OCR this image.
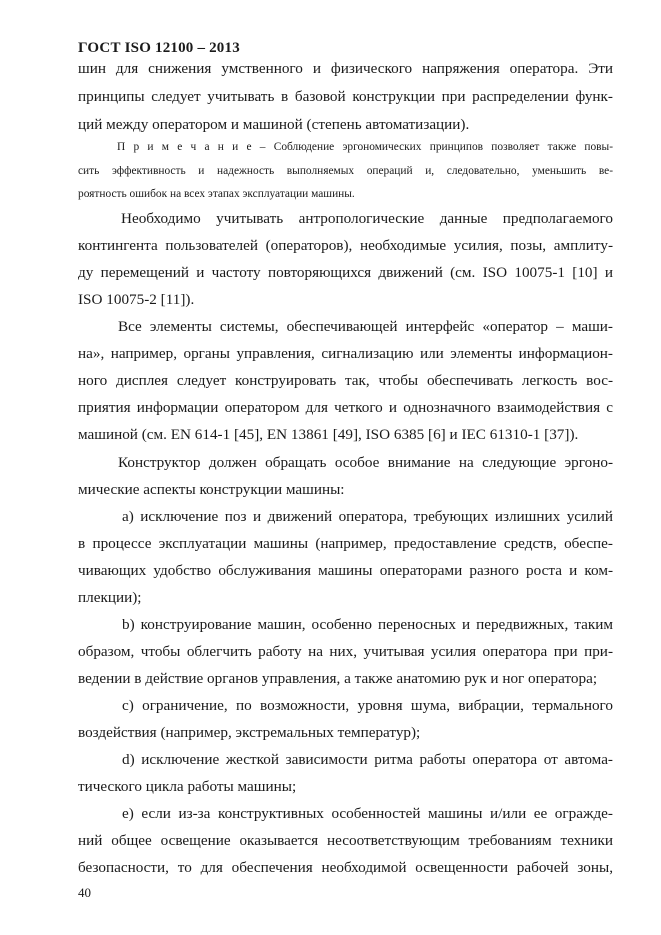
ГОСТ ISO 12100 – 2013
шин для снижения умственного и физического напряжения оператора. Эти
принципы следует учитывать в базовой конструкции при распределении функ-
ций между оператором и машиной (степень автоматизации).
П р и м е ч а н и е – Соблюдение эргономических принципов позволяет также повы-
сить эффективность и надежность выполняемых операций и, следовательно, уменьшить ве-
роятность ошибок на всех этапах эксплуатации машины.
Необходимо учитывать антропологические данные предполагаемого
контингента пользователей (операторов), необходимые усилия, позы, амплиту-
ду перемещений и частоту повторяющихся движений (см. ISO 10075-1 [10] и
ISO 10075-2 [11]).
Все элементы системы, обеспечивающей интерфейс «оператор – маши-
на», например, органы управления, сигнализацию или элементы информацион-
ного дисплея следует конструировать так, чтобы обеспечивать легкость вос-
приятия информации оператором для четкого и однозначного взаимодействия с
машиной (см. EN 614-1 [45], EN 13861 [49], ISO 6385 [6] и IEC 61310-1 [37]).
Конструктор должен обращать особое внимание на следующие эргоно-
мические аспекты конструкции машины:
a) исключение поз и движений оператора, требующих излишних усилий
в процессе эксплуатации машины (например, предоставление средств, обеспе-
чивающих удобство обслуживания машины операторами разного роста и ком-
плекции);
b) конструирование машин, особенно переносных и передвижных, таким
образом, чтобы облегчить работу на них, учитывая усилия оператора при при-
ведении в действие органов управления, а также анатомию рук и ног оператора;
c) ограничение, по возможности, уровня шума, вибрации, термального
воздействия (например, экстремальных температур);
d) исключение жесткой зависимости ритма работы оператора от автома-
тического цикла работы машины;
e) если из-за конструктивных особенностей машины и/или ее огражде-
ний общее освещение оказывается несоответствующим требованиям техники
безопасности, то для обеспечения необходимой освещенности рабочей зоны,
40
